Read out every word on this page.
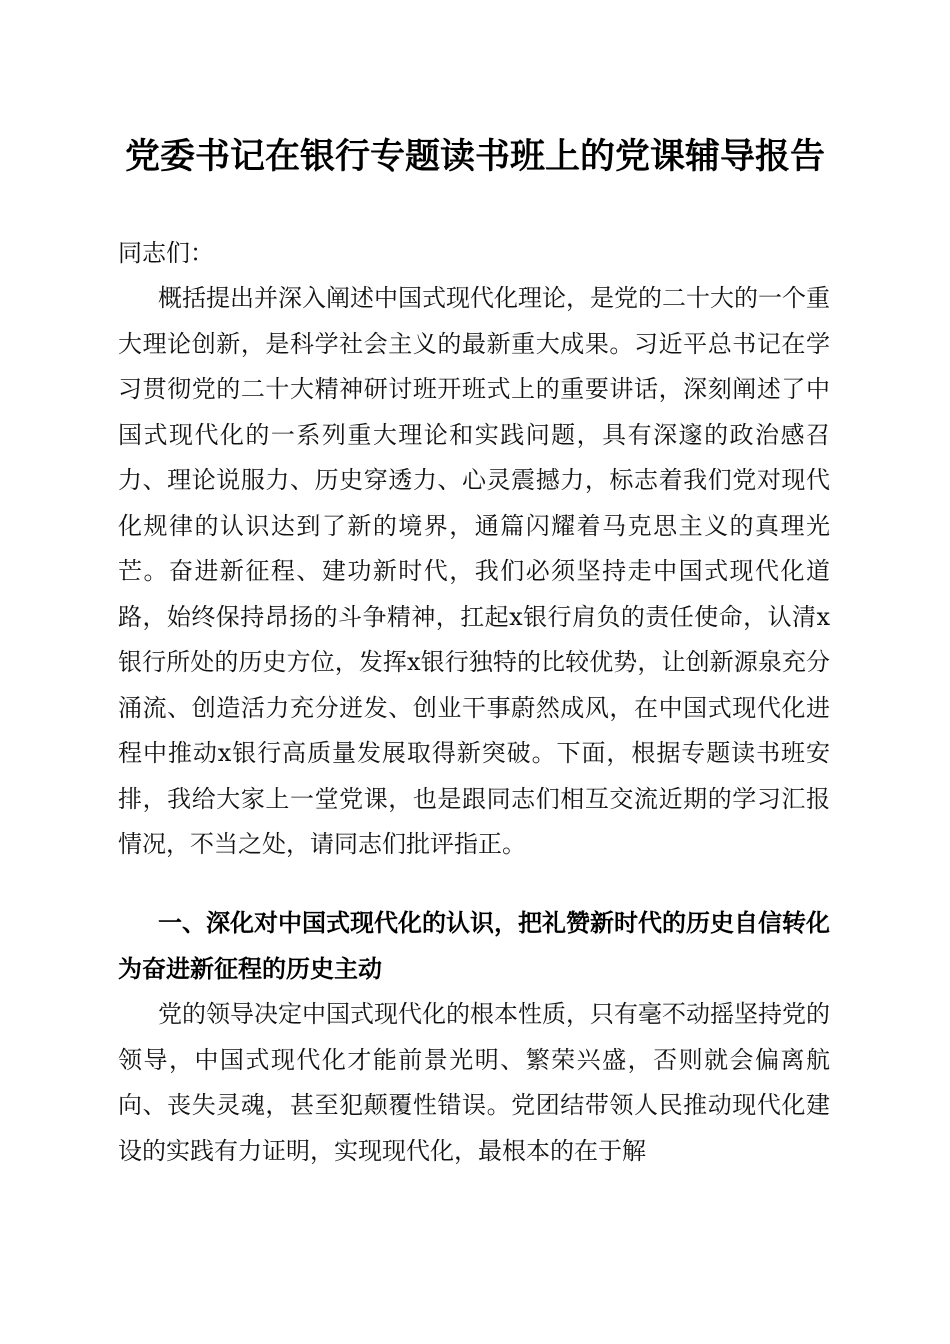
党委书记在银行专题读书班上的党课辅导报告
同志们：
概括提出并深入阐述中国式现代化理论，是党的二十大的一个重大理论创新，是科学社会主义的最新重大成果。习近平总书记在学习贯彻党的二十大精神研讨班开班式上的重要讲话，深刻阐述了中国式现代化的一系列重大理论和实践问题，具有深邃的政治感召力、理论说服力、历史穿透力、心灵震撼力，标志着我们党对现代化规律的认识达到了新的境界，通篇闪耀着马克思主义的真理光芒。奋进新征程、建功新时代，我们必须坚持走中国式现代化道路，始终保持昂扬的斗争精神，扛起x银行肩负的责任使命，认清x银行所处的历史方位，发挥x银行独特的比较优势，让创新源泉充分涌流、创造活力充分迸发、创业干事蔚然成风，在中国式现代化进程中推动x银行高质量发展取得新突破。下面，根据专题读书班安排，我给大家上一堂党课，也是跟同志们相互交流近期的学习汇报情况，不当之处，请同志们批评指正。
一、深化对中国式现代化的认识，把礼赞新时代的历史自信转化为奋进新征程的历史主动
党的领导决定中国式现代化的根本性质，只有毫不动摇坚持党的领导，中国式现代化才能前景光明、繁荣兴盛，否则就会偏离航向、丧失灵魂，甚至犯颠覆性错误。党团结带领人民推动现代化建设的实践有力证明，实现现代化，最根本的在于解
